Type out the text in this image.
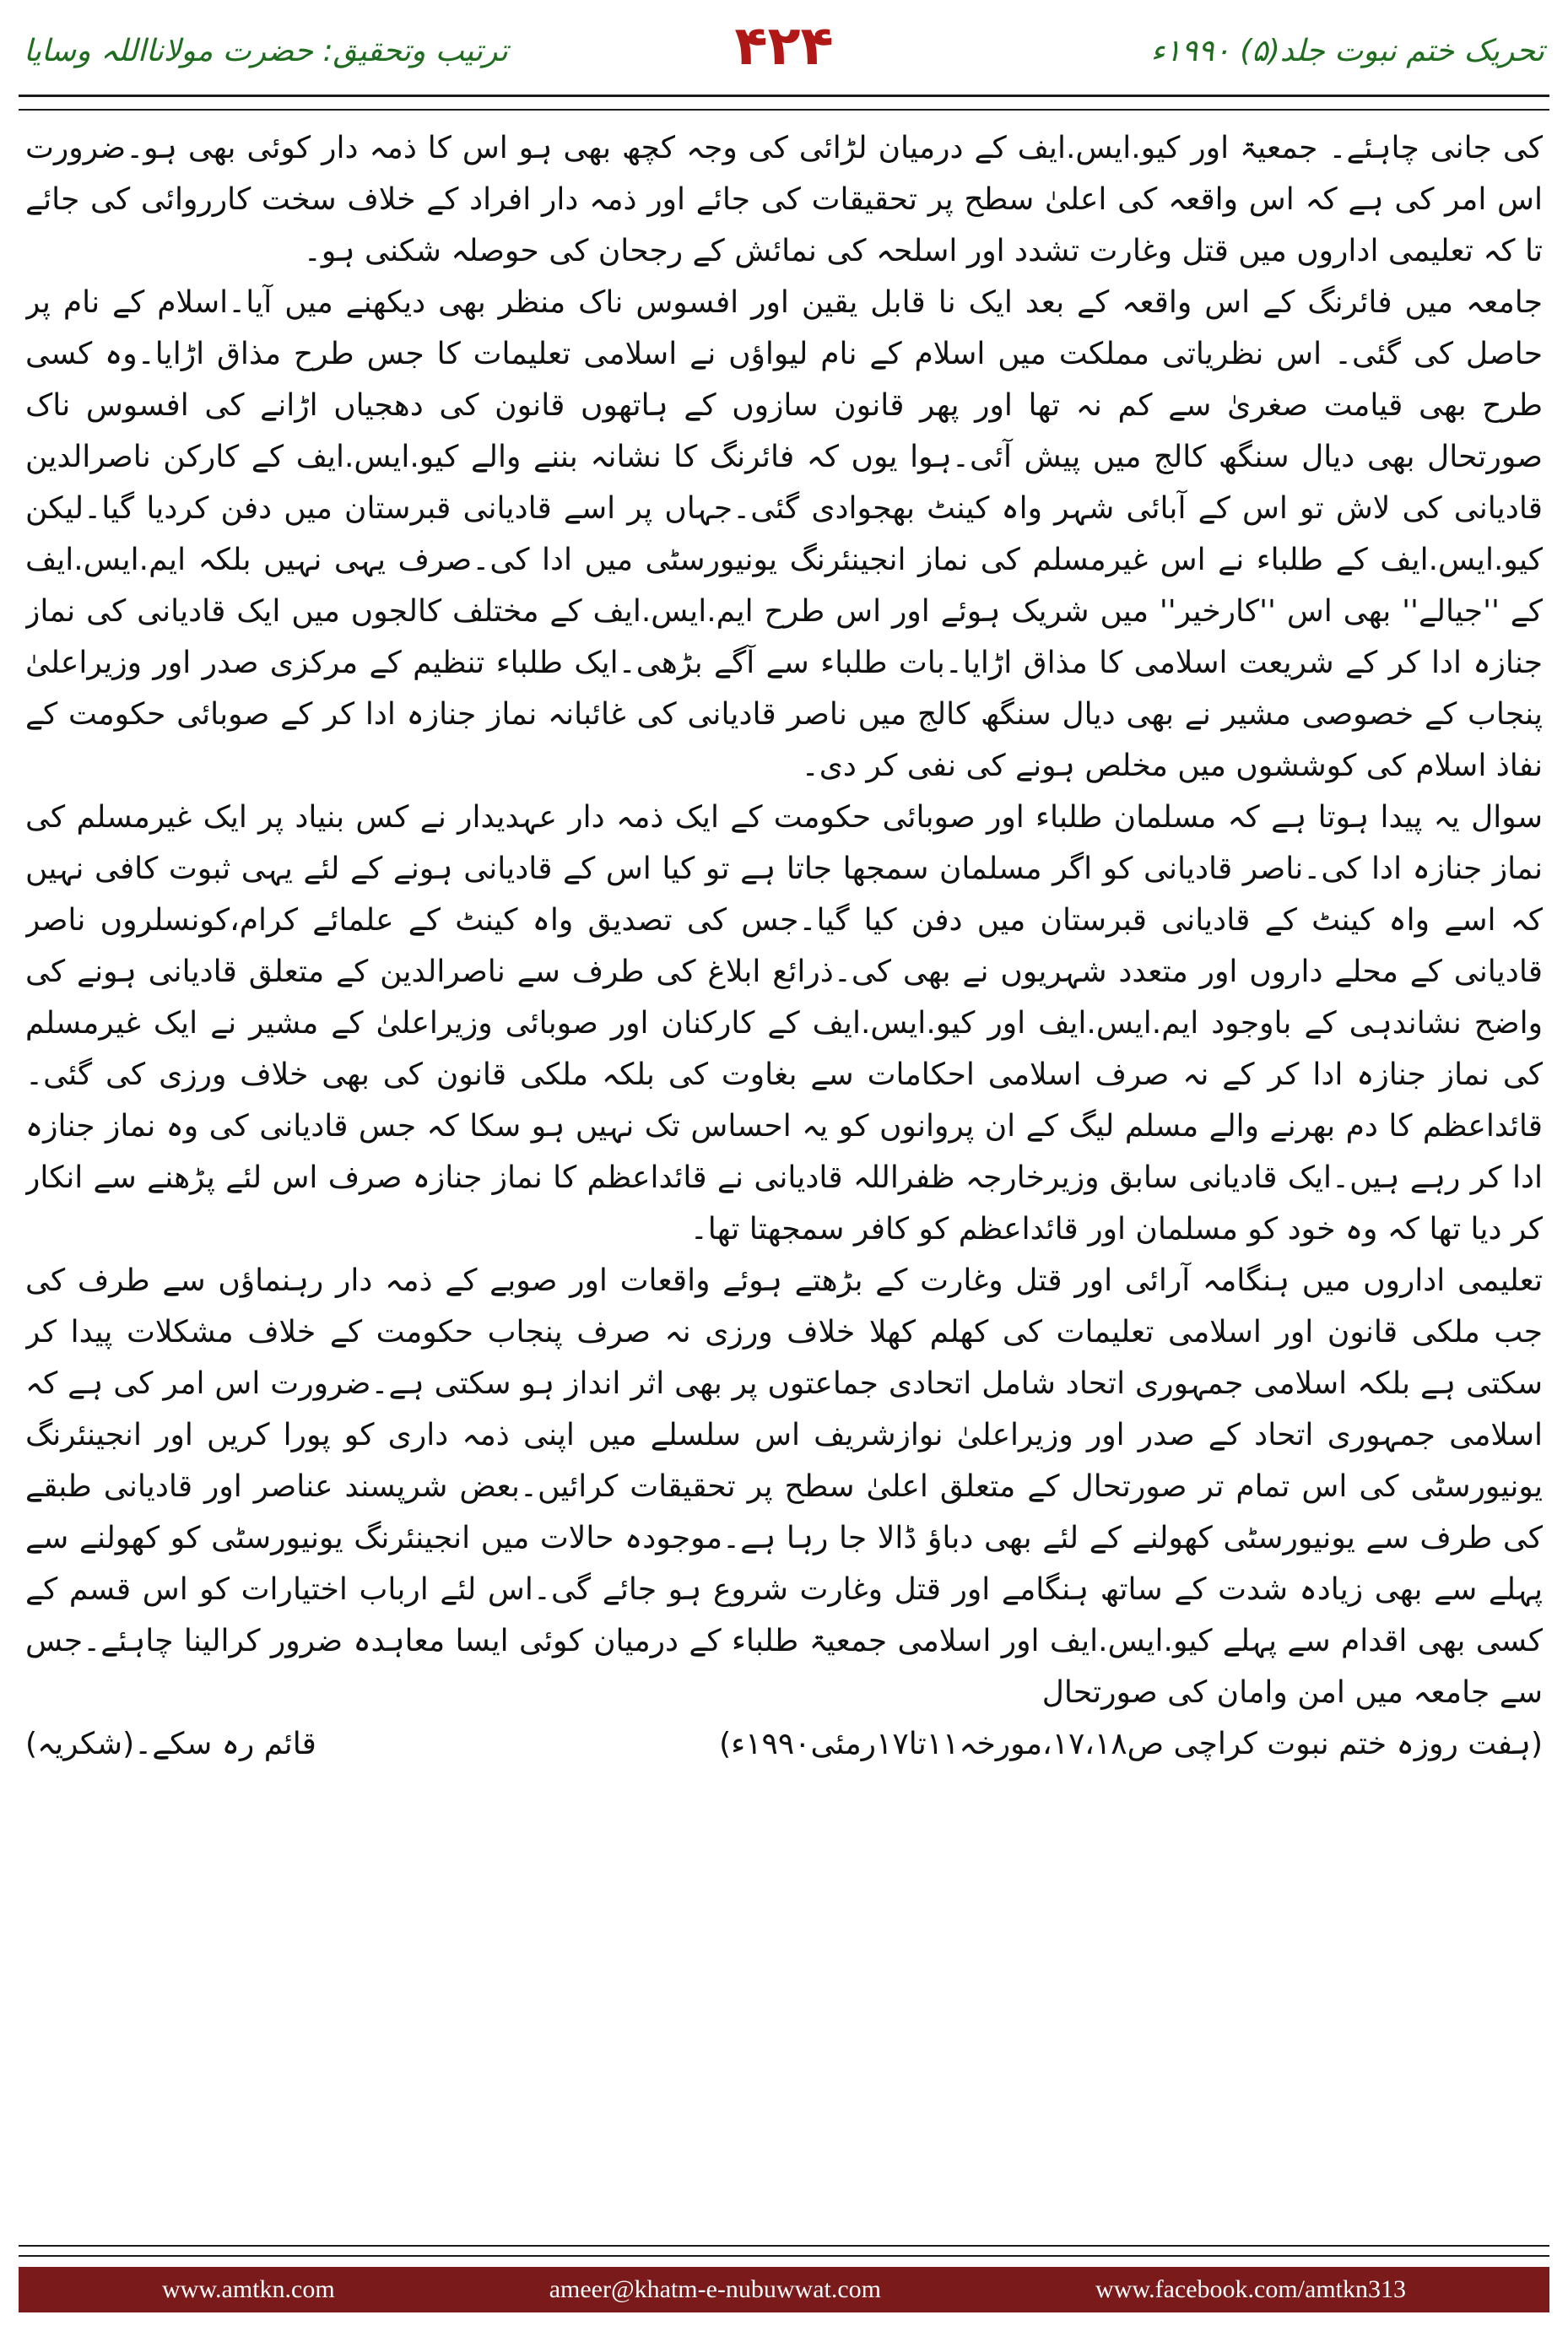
ترتیب وتحقیق: حضرت مولانااللہ وسایا	۴۲۴	تحریک ختم نبوت جلد(۵) ۱۹۹۰ء

کی جانی چاہئے۔ جمعیۃ اور کیو.ایس.ایف کے درمیان لڑائی کی وجہ کچھ بھی ہو اس کا ذمہ دار کوئی بھی ہو۔ضرورت اس امر کی ہے کہ اس واقعہ کی اعلیٰ سطح پر تحقیقات کی جائے اور ذمہ دار افراد کے خلاف سخت کارروائی کی جائے تا کہ تعلیمی اداروں میں قتل وغارت تشدد اور اسلحہ کی نمائش کے رجحان کی حوصلہ شکنی ہو۔

جامعہ میں فائرنگ کے اس واقعہ کے بعد ایک نا قابل یقین اور افسوس ناک منظر بھی دیکھنے میں آیا۔اسلام کے نام پر حاصل کی گئی۔ اس نظریاتی مملکت میں اسلام کے نام لیواؤں نے اسلامی تعلیمات کا جس طرح مذاق اڑایا۔وہ کسی طرح بھی قیامت صغریٰ سے کم نہ تھا اور پھر قانون سازوں کے ہاتھوں قانون کی دھجیاں اڑانے کی افسوس ناک صورتحال بھی دیال سنگھ کالج میں پیش آئی۔ہوا یوں کہ فائرنگ کا نشانہ بننے والے کیو.ایس.ایف کے کارکن ناصرالدین قادیانی کی لاش تو اس کے آبائی شہر واہ کینٹ بھجوادی گئی۔جہاں پر اسے قادیانی قبرستان میں دفن کردیا گیا۔لیکن کیو.ایس.ایف کے طلباء نے اس غیرمسلم کی نماز انجینئرنگ یونیورسٹی میں ادا کی۔صرف یہی نہیں بلکہ ایم.ایس.ایف کے ''جیالے'' بھی اس ''کارخیر'' میں شریک ہوئے اور اس طرح ایم.ایس.ایف کے مختلف کالجوں میں ایک قادیانی کی نماز جنازہ ادا کر کے شریعت اسلامی کا مذاق اڑایا۔بات طلباء سے آگے بڑھی۔ایک طلباء تنظیم کے مرکزی صدر اور وزیراعلیٰ پنجاب کے خصوصی مشیر نے بھی دیال سنگھ کالج میں ناصر قادیانی کی غائبانہ نماز جنازہ ادا کر کے صوبائی حکومت کے نفاذ اسلام کی کوششوں میں مخلص ہونے کی نفی کر دی۔

سوال یہ پیدا ہوتا ہے کہ مسلمان طلباء اور صوبائی حکومت کے ایک ذمہ دار عہدیدار نے کس بنیاد پر ایک غیرمسلم کی نماز جنازہ ادا کی۔ناصر قادیانی کو اگر مسلمان سمجھا جاتا ہے تو کیا اس کے قادیانی ہونے کے لئے یہی ثبوت کافی نہیں کہ اسے واہ کینٹ کے قادیانی قبرستان میں دفن کیا گیا۔جس کی تصدیق واہ کینٹ کے علمائے کرام،کونسلروں ناصر قادیانی کے محلے داروں اور متعدد شہریوں نے بھی کی۔ذرائع ابلاغ کی طرف سے ناصرالدین کے متعلق قادیانی ہونے کی واضح نشاندہی کے باوجود ایم.ایس.ایف اور کیو.ایس.ایف کے کارکنان اور صوبائی وزیراعلیٰ کے مشیر نے ایک غیرمسلم کی نماز جنازہ ادا کر کے نہ صرف اسلامی احکامات سے بغاوت کی بلکہ ملکی قانون کی بھی خلاف ورزی کی گئی۔قائداعظم کا دم بھرنے والے مسلم لیگ کے ان پروانوں کو یہ احساس تک نہیں ہو سکا کہ جس قادیانی کی وہ نماز جنازہ ادا کر رہے ہیں۔ایک قادیانی سابق وزیرخارجہ ظفراللہ قادیانی نے قائداعظم کا نماز جنازہ صرف اس لئے پڑھنے سے انکار کر دیا تھا کہ وہ خود کو مسلمان اور قائداعظم کو کافر سمجھتا تھا۔

تعلیمی اداروں میں ہنگامہ آرائی اور قتل وغارت کے بڑھتے ہوئے واقعات اور صوبے کے ذمہ دار رہنماؤں سے طرف کی جب ملکی قانون اور اسلامی تعلیمات کی کھلم کھلا خلاف ورزی نہ صرف پنجاب حکومت کے خلاف مشکلات پیدا کر سکتی ہے بلکہ اسلامی جمہوری اتحاد شامل اتحادی جماعتوں پر بھی اثر انداز ہو سکتی ہے۔ضرورت اس امر کی ہے کہ اسلامی جمہوری اتحاد کے صدر اور وزیراعلیٰ نوازشریف اس سلسلے میں اپنی ذمہ داری کو پورا کریں اور انجینئرنگ یونیورسٹی کی اس تمام تر صورتحال کے متعلق اعلیٰ سطح پر تحقیقات کرائیں۔بعض شرپسند عناصر اور قادیانی طبقے کی طرف سے یونیورسٹی کھولنے کے لئے بھی دباؤ ڈالا جا رہا ہے۔موجودہ حالات میں انجینئرنگ یونیورسٹی کو کھولنے سے پہلے سے بھی زیادہ شدت کے ساتھ ہنگامے اور قتل وغارت شروع ہو جائے گی۔اس لئے ارباب اختیارات کو اس قسم کے کسی بھی اقدام سے پہلے کیو.ایس.ایف اور اسلامی جمعیۃ طلباء کے درمیان کوئی ایسا معاہدہ ضرور کرالینا چاہئے۔جس سے جامعہ میں امن وامان کی صورتحال

قائم رہ سکے۔(شکریہ)	(ہفت روزہ ختم نبوت کراچی ص۱۷،۱۸،مورخہ۱۱تا۱۷رمئی۱۹۹۰ء)
www.amtkn.com	ameer@khatm-e-nubuwwat.com	www.facebook.com/amtkn313
